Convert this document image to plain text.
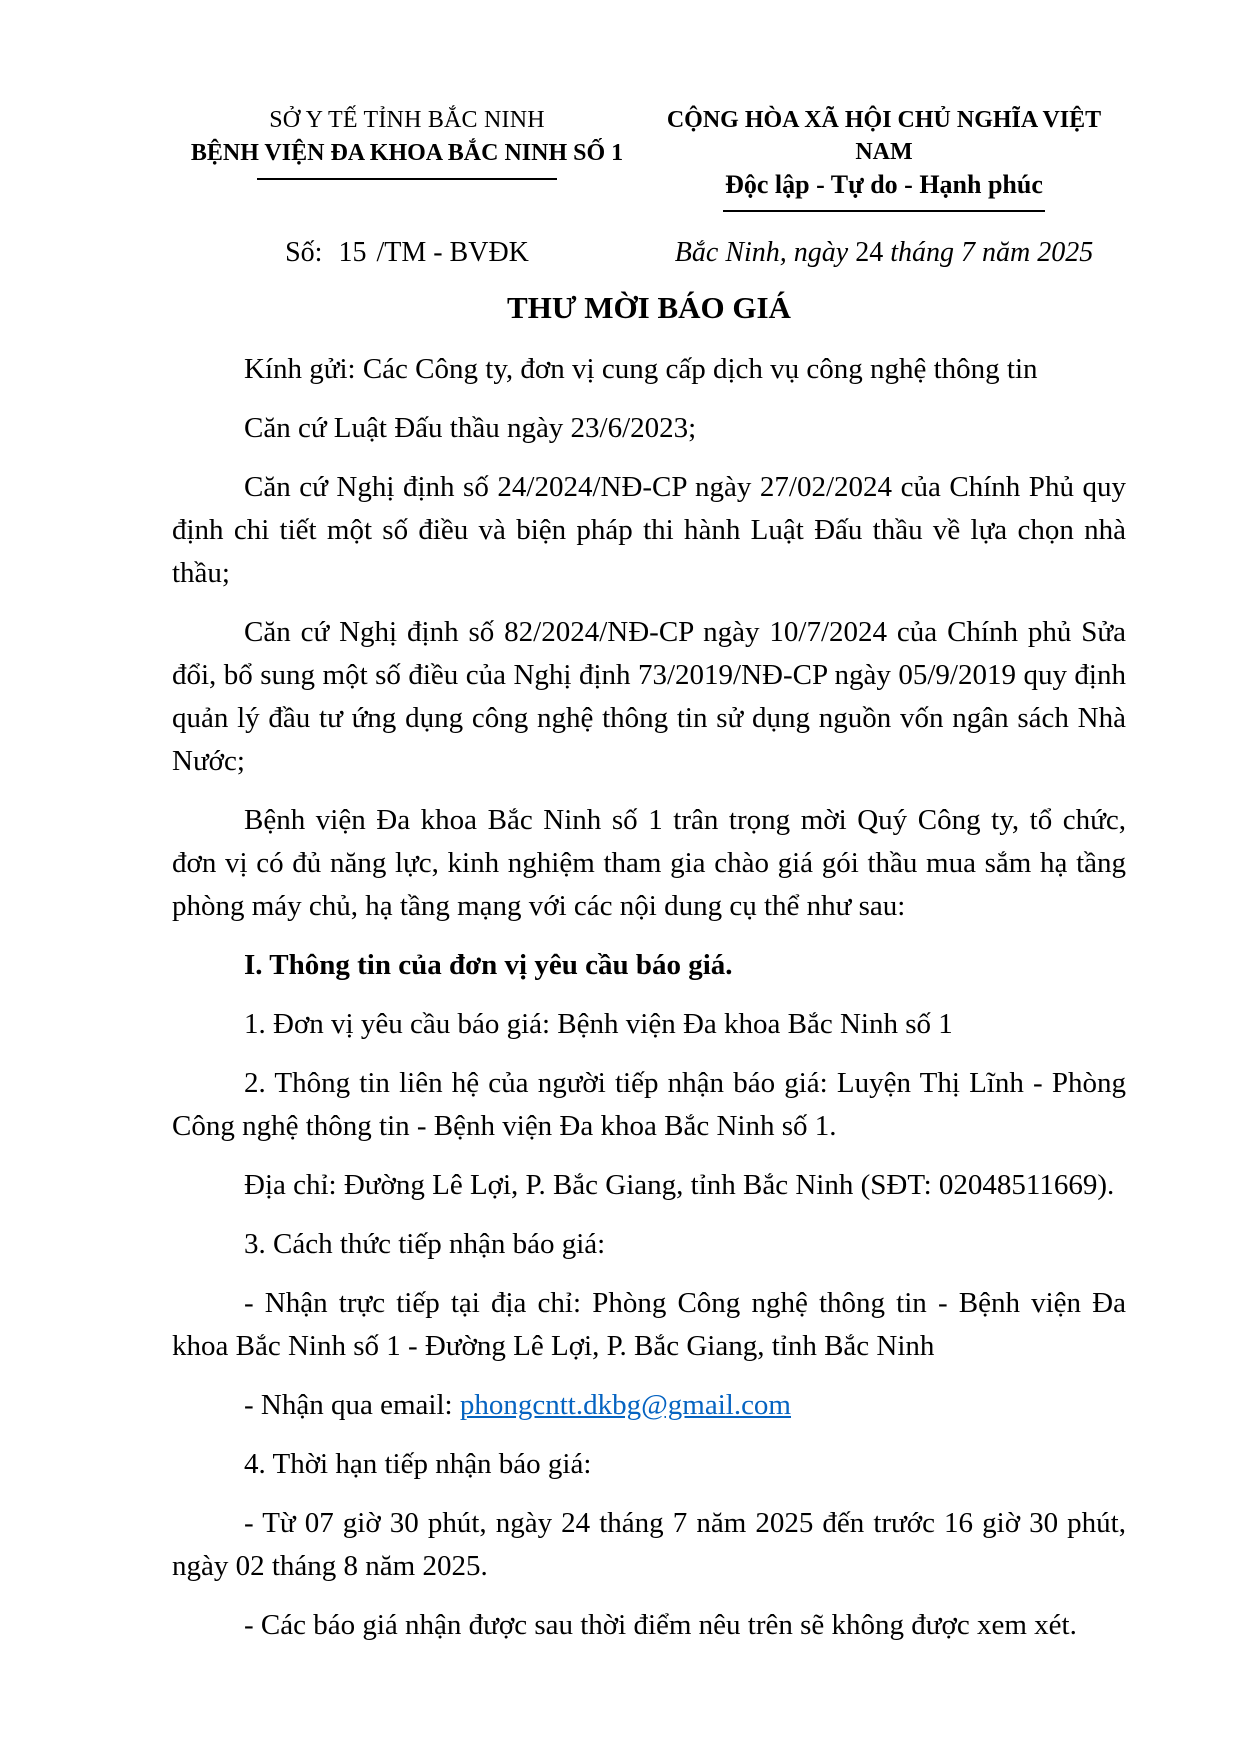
SỞ Y TẾ TỈNH BẮC NINH
BỆNH VIỆN ĐA KHOA BẮC NINH SỐ 1
CỘNG HÒA XÃ HỘI CHỦ NGHĨA VIỆT NAM
Độc lập - Tự do - Hạnh phúc
Số: 15 /TM - BVĐK	Bắc Ninh, ngày 24 tháng 7 năm 2025
THƯ MỜI BÁO GIÁ

Kính gửi: Các Công ty, đơn vị cung cấp dịch vụ công nghệ thông tin

Căn cứ Luật Đấu thầu ngày 23/6/2023;

Căn cứ Nghị định số 24/2024/NĐ-CP ngày 27/02/2024 của Chính Phủ quy định chi tiết một số điều và biện pháp thi hành Luật Đấu thầu về lựa chọn nhà thầu;

Căn cứ Nghị định số 82/2024/NĐ-CP ngày 10/7/2024 của Chính phủ Sửa đổi, bổ sung một số điều của Nghị định 73/2019/NĐ-CP ngày 05/9/2019 quy định quản lý đầu tư ứng dụng công nghệ thông tin sử dụng nguồn vốn ngân sách Nhà Nước;

Bệnh viện Đa khoa Bắc Ninh số 1 trân trọng mời Quý Công ty, tổ chức, đơn vị có đủ năng lực, kinh nghiệm tham gia chào giá gói thầu mua sắm hạ tầng phòng máy chủ, hạ tầng mạng với các nội dung cụ thể như sau:

I. Thông tin của đơn vị yêu cầu báo giá.

1. Đơn vị yêu cầu báo giá: Bệnh viện Đa khoa Bắc Ninh số 1

2. Thông tin liên hệ của người tiếp nhận báo giá: Luyện Thị Lĩnh - Phòng Công nghệ thông tin - Bệnh viện Đa khoa Bắc Ninh số 1.

Địa chỉ: Đường Lê Lợi, P. Bắc Giang, tỉnh Bắc Ninh (SĐT: 02048511669).

3. Cách thức tiếp nhận báo giá:

- Nhận trực tiếp tại địa chỉ: Phòng Công nghệ thông tin - Bệnh viện Đa khoa Bắc Ninh số 1 - Đường Lê Lợi, P. Bắc Giang, tỉnh Bắc Ninh

- Nhận qua email: phongcntt.dkbg@gmail.com

4. Thời hạn tiếp nhận báo giá:

- Từ 07 giờ 30 phút, ngày 24 tháng 7 năm 2025 đến trước 16 giờ 30 phút, ngày 02 tháng 8 năm 2025.

- Các báo giá nhận được sau thời điểm nêu trên sẽ không được xem xét.
